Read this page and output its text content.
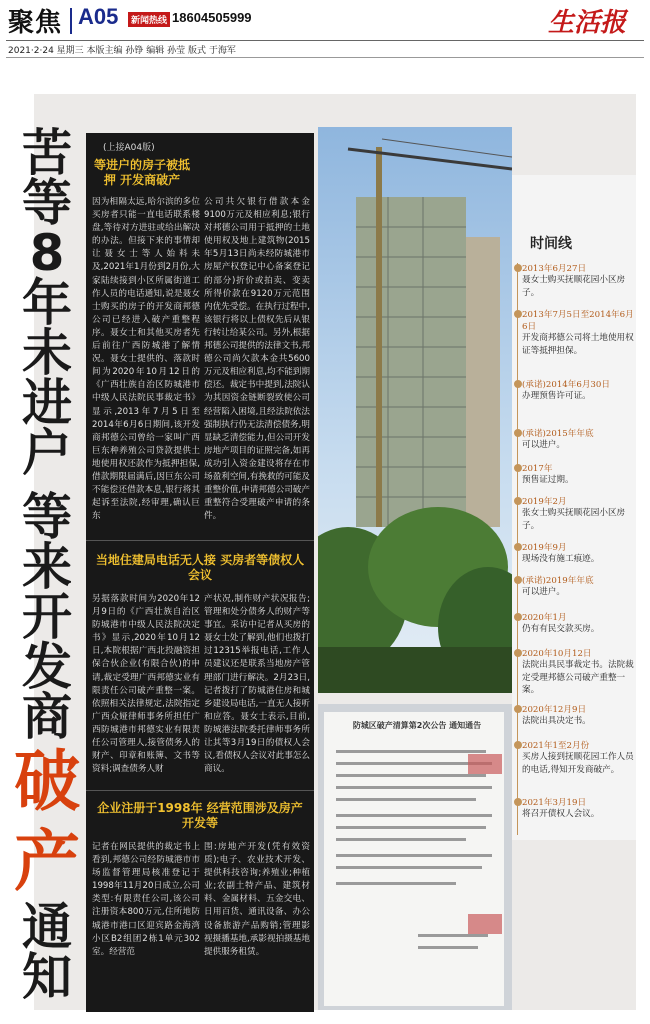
聚焦 A05	新闻热线 18604505999	生活报
2021·2·24 星期三 本版主编 孙铮 编辑 孙莹 版式 于海军
苦
等
8
年
未
进
户
等
来
开
发
商
破
产
通
知
(上接A04版)
等进户的房子被抵押 开发商破产
因为相隔太远,哈尔滨的多位买房者只能一直电话联系楼盘,等待对方进驻或给出解决的办法。但接下来的事情却让聂女士等人始料未及,2021年1月份到2月份,大家陆续接到小区所属街道工作人员的电话通知,说是聂女士购买的房子的开发商邦德公司已经进入破产重整程序。聂女士和其他买房者先后前往广西防城港了解情况。聂女士提供的、落款时间为2020年10月12日的《广西壮族自治区防城港市中级人民法院民事裁定书》显示,2013年7月5日至2014年6月6日期间,该开发商邦德公司曾给一家叫广西巨东种养殖公司贷款提供土地使用权还款作为抵押担保,借款期限届满后,因巨东公司不能偿还借款本息,银行将其起诉至法院,经审理,确认巨东
公司共欠银行借款本金9100万元及相应利息;银行对邦德公司用于抵押的土地使用权及地上建筑物(2015年5月13日尚未经防城港市房屋产权登记中心备案登记的部分)折价或拍卖、变卖所得价款在9120万元范围内优先受偿。在执行过程中,该银行将以上债权先后从银行转让给某公司。另外,根据邦德公司提供的法律文书,邦德公司尚欠款本金共5600万元及相应利息,均不能到期偿还。裁定书中提到,法院认为其因资金链断裂致使公司经营陷入困境,且经法院依法强制执行仍无法清偿债务,明显缺乏清偿能力,但公司开发房地产项目的证照完备,如再成功引入资金建设将存在市场盈利空间,有挽救的可能及重整价值,申请邦德公司破产重整符合受理破产申请的条件。
当地住建局电话无人接 买房者等债权人会议
另据落款时间为2020年12月9日的《广西壮族自治区防城港市中级人民法院决定书》显示,2020年10月12日,本院根据广西北投融资担保合伙企业(有限合伙)的申请,裁定受理广西邦德实业有限责任公司破产重整一案。依照相关法律规定,法院指定广西众娅律师事务所担任广西防城港市邦德实业有限责任公司管理人,接管债务人的财产、印章和账簿、文书等资料;调查债务人财
产状况,制作财产状况报告;管理和处分债务人的财产等事宜。采访中记者从买房的聂女士处了解到,他们也拨打过12315举报电话,工作人员建议还是联系当地房产管理部门进行解决。2月23日,记者拨打了防城港住房和城乡建设局电话,一直无人接听和应答。聂女士表示,目前,防城港法院委托律师事务所让其等3月19日的债权人会议,看债权人会议对此事怎么商议。
企业注册于1998年 经营范围涉及房产开发等
记者在网民提供的裁定书上看到,邦德公司经防城港市市场监督管理局核准登记于1998年11月20日成立,公司类型:有限责任公司,该公司注册资本800万元,住所地防城港市港口区迎宾路金海湾小区B2组团2栋1单元302室。经营范
围:房地产开发(凭有效资质);电子、农业技术开发、提供科技咨询;养殖业;种植业;农副土特产品、建筑材料、金属材料、五金交电、日用百货、通讯设备、办公设备旅游产品购销;管理影视摄播基地,承影视拍摄基地提供服务租赁。
防城区破产清算第2次公告 通知通告
时间线
2013年6月27日
聂女士购买抚顺花园小区房子。
2013年7月5日至2014年6月6日
开发商邦德公司将土地使用权证等抵押担保。
(承诺)2014年6月30日
办理预售许可证。
(承诺)2015年年底
可以进户。
2017年
预售证过期。
2019年2月
张女士购买抚顺花园小区房子。
2019年9月
现场没有施工痕迹。
(承诺)2019年年底
可以进户。
2020年1月
仍有有民交款买房。
2020年10月12日
法院出具民事裁定书。法院裁定受理邦德公司破产重整一案。
2020年12月9日
法院出具决定书。
2021年1至2月份
买房人接到抚顺花园工作人员的电话,得知开发商破产。
2021年3月19日
将召开债权人会议。
